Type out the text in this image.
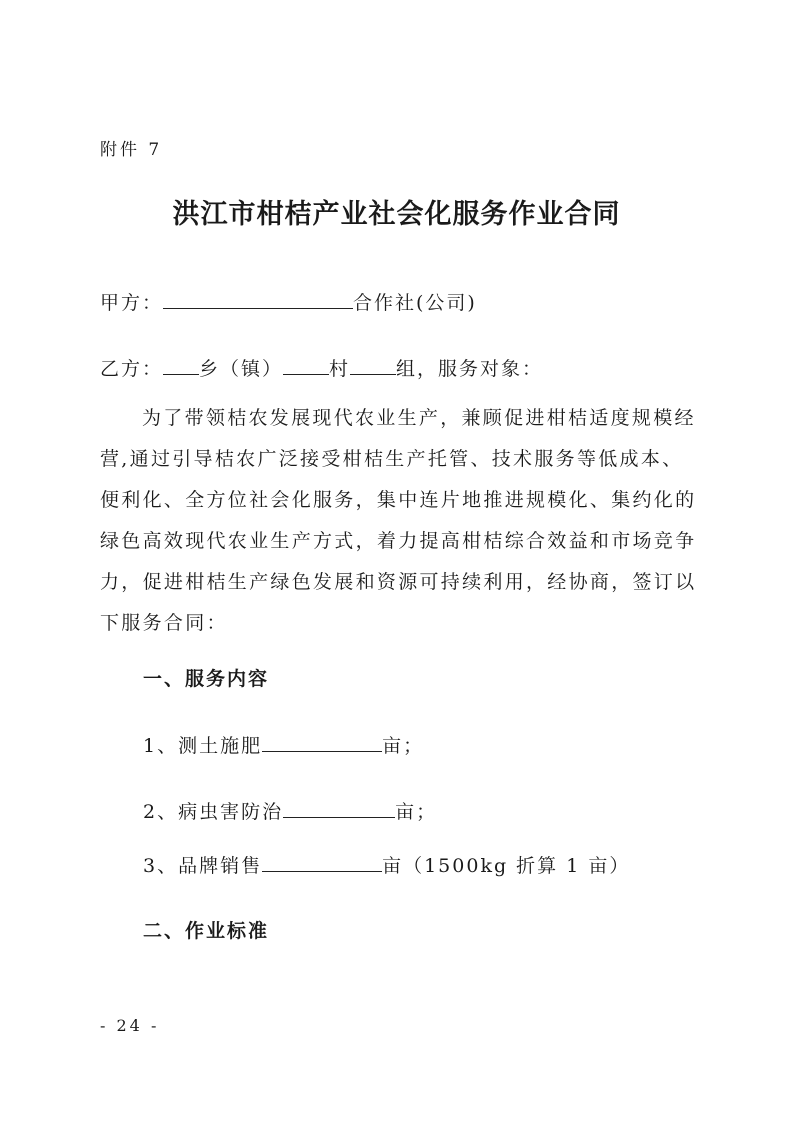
附件 7
洪江市柑桔产业社会化服务作业合同
甲方：	合作社(公司)
乙方： 乡（镇） 村 组，服务对象：

为了带领桔农发展现代农业生产，兼顾促进柑桔适度规模经

营,通过引导桔农广泛接受柑桔生产托管、技术服务等低成本、

便利化、全方位社会化服务，集中连片地推进规模化、集约化的

绿色高效现代农业生产方式，着力提高柑桔综合效益和市场竞争

力，促进柑桔生产绿色发展和资源可持续利用，经协商，签订以

下服务合同：

一、服务内容
1、测土施肥	亩；
2、病虫害防治	亩；
3、品牌销售	亩（1500kg 折算 1 亩）
二、作业标准
- 24 -
